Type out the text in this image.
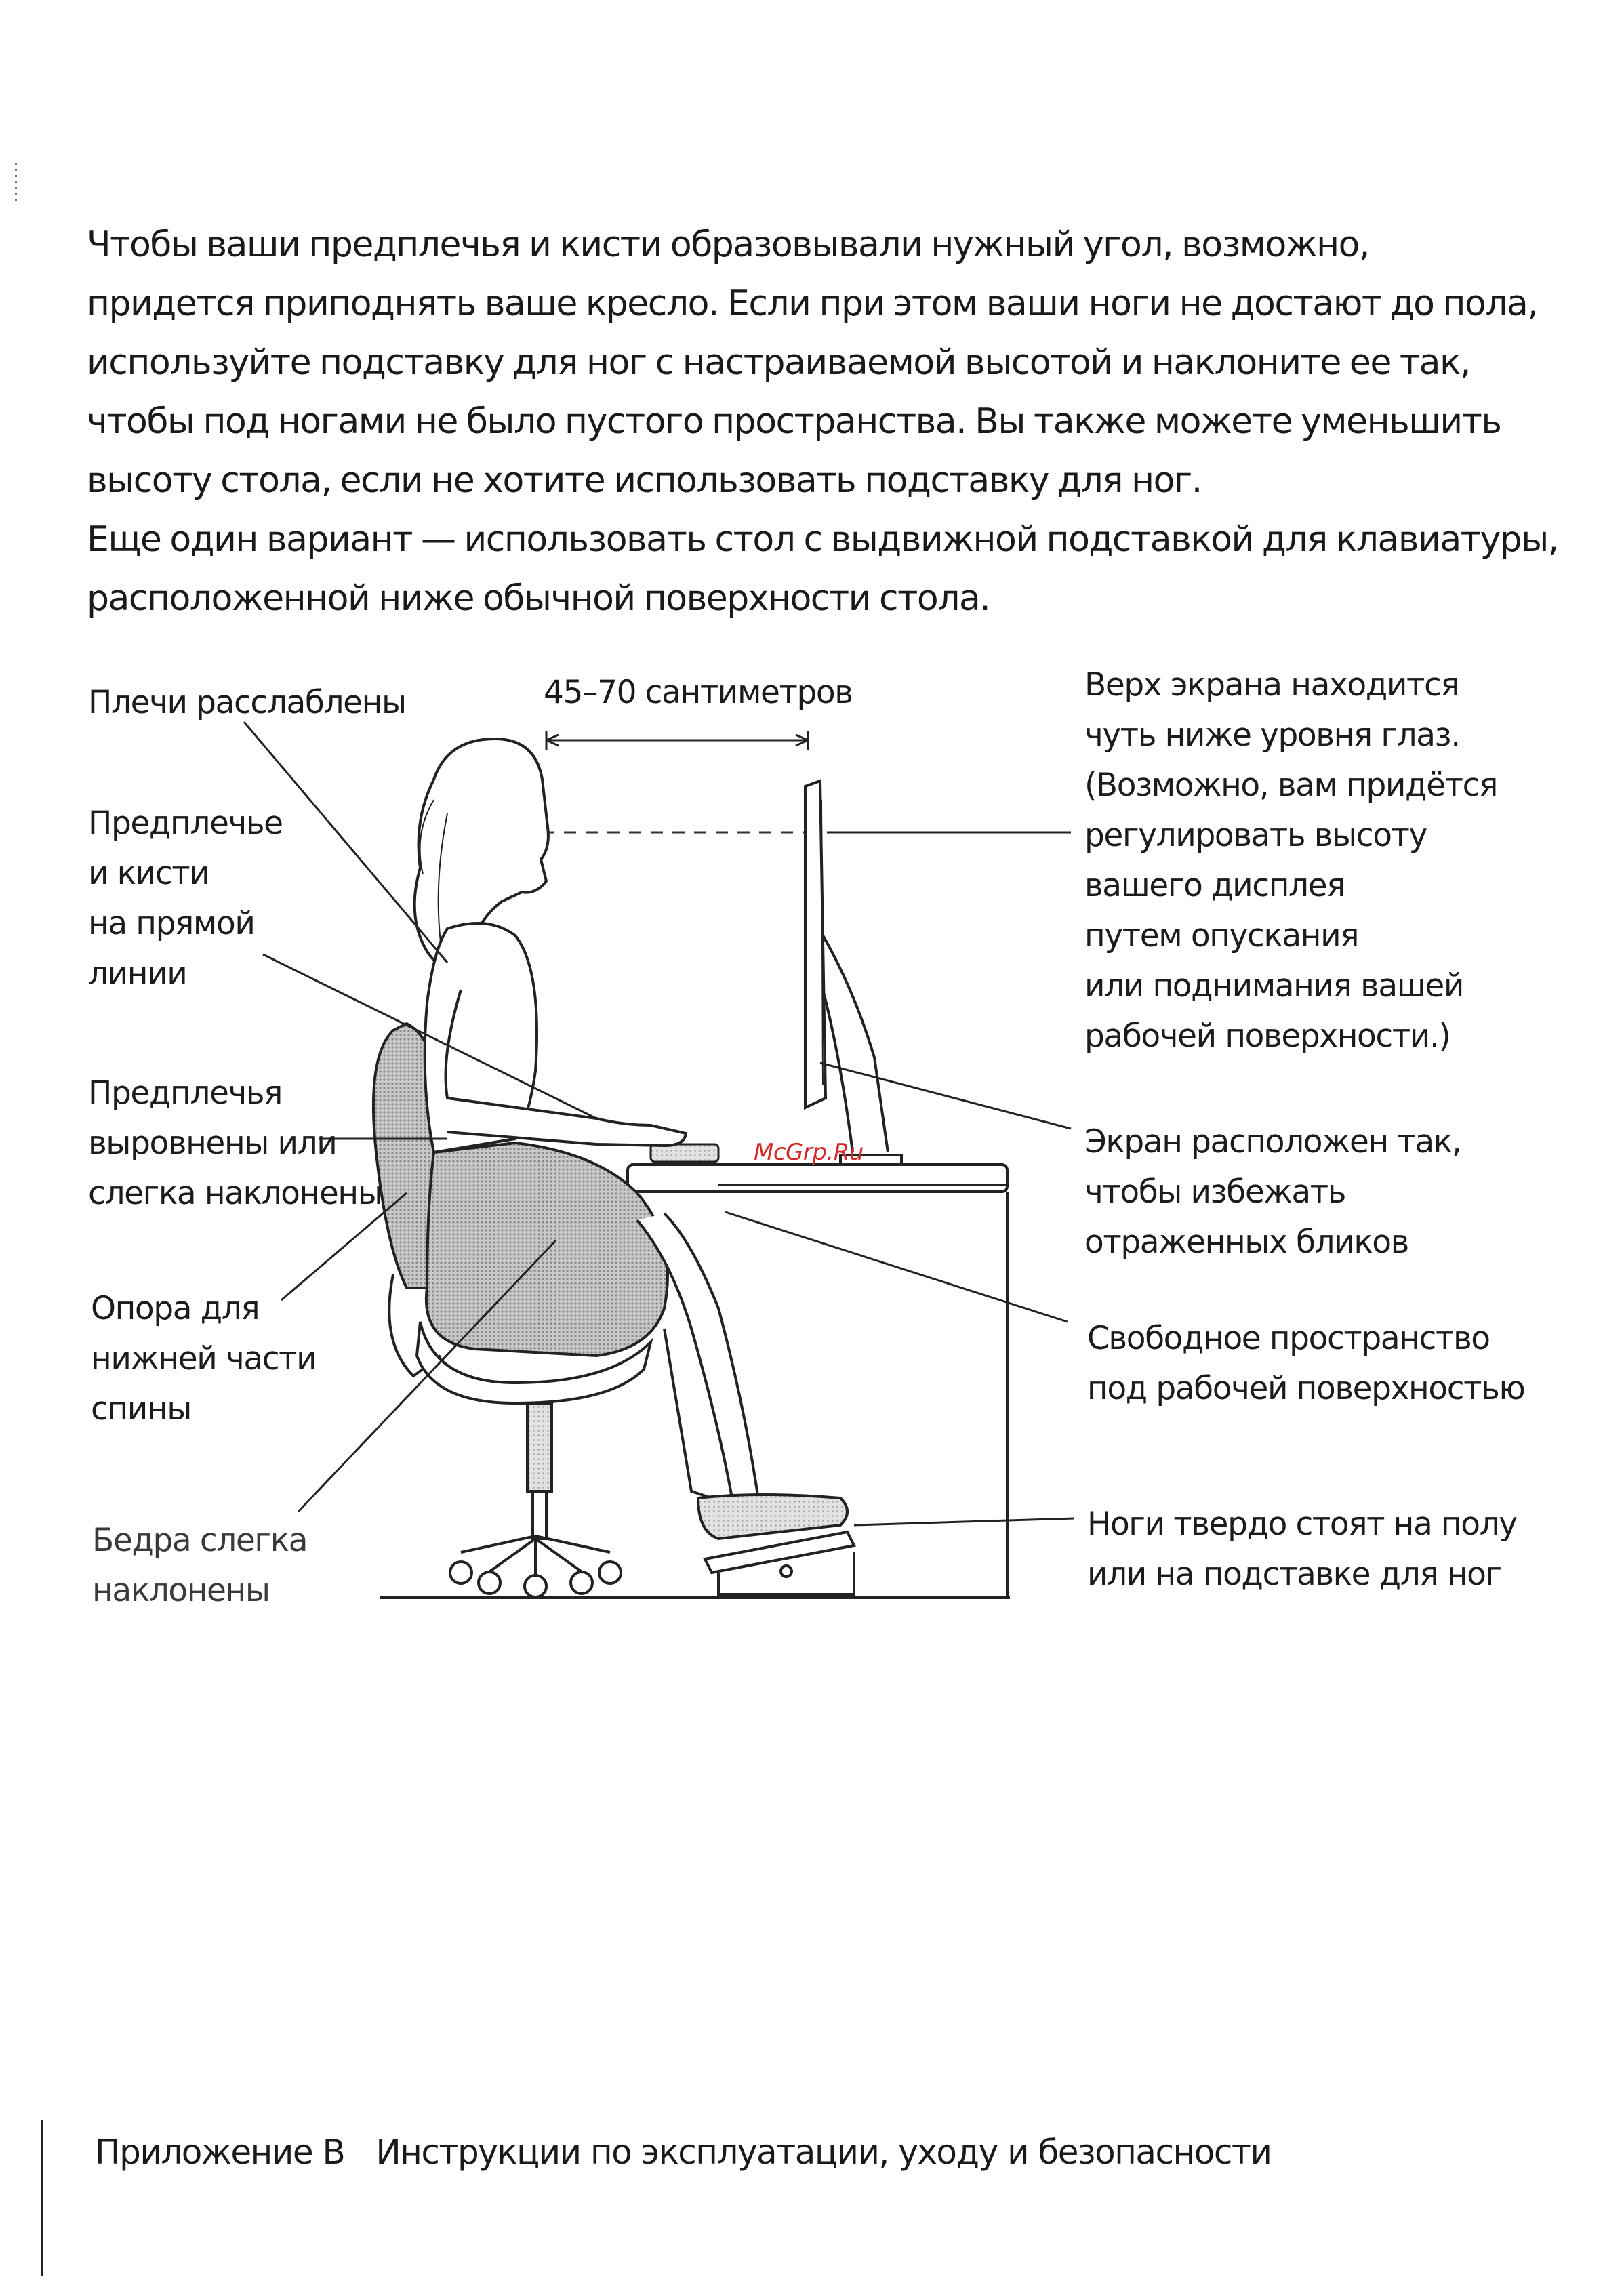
Чтобы ваши предплечья и кисти образовывали нужный угол, возможно,
придется приподнять ваше кресло. Если при этом ваши ноги не достают до пола,
используйте подставку для ног с настраиваемой высотой и наклоните ее так,
чтобы под ногами не было пустого пространства. Вы также можете уменьшить
высоту стола, если не хотите использовать подставку для ног.
Еще один вариант — использовать стол с выдвижной подставкой для клавиатуры,
расположенной ниже обычной поверхности стола.
45–70 сантиметров
Плечи расслаблены
Предплечье
и кисти
на прямой
линии
Предплечья
выровнены или
слегка наклонены
Опора для
нижней части
спины
Бедра слегка
наклонены
Верх экрана находится
чуть ниже уровня глаз.
(Возможно, вам придётся
регулировать высоту
вашего дисплея
путем опускания
или поднимания вашей
рабочей поверхности.)
Экран расположен так,
чтобы избежать
отраженных бликов
Свободное пространство
под рабочей поверхностью
Ноги твердо стоят на полу
или на подставке для ног
McGrp.Ru
Приложение B Инструкции по эксплуатации, уходу и безопасности
